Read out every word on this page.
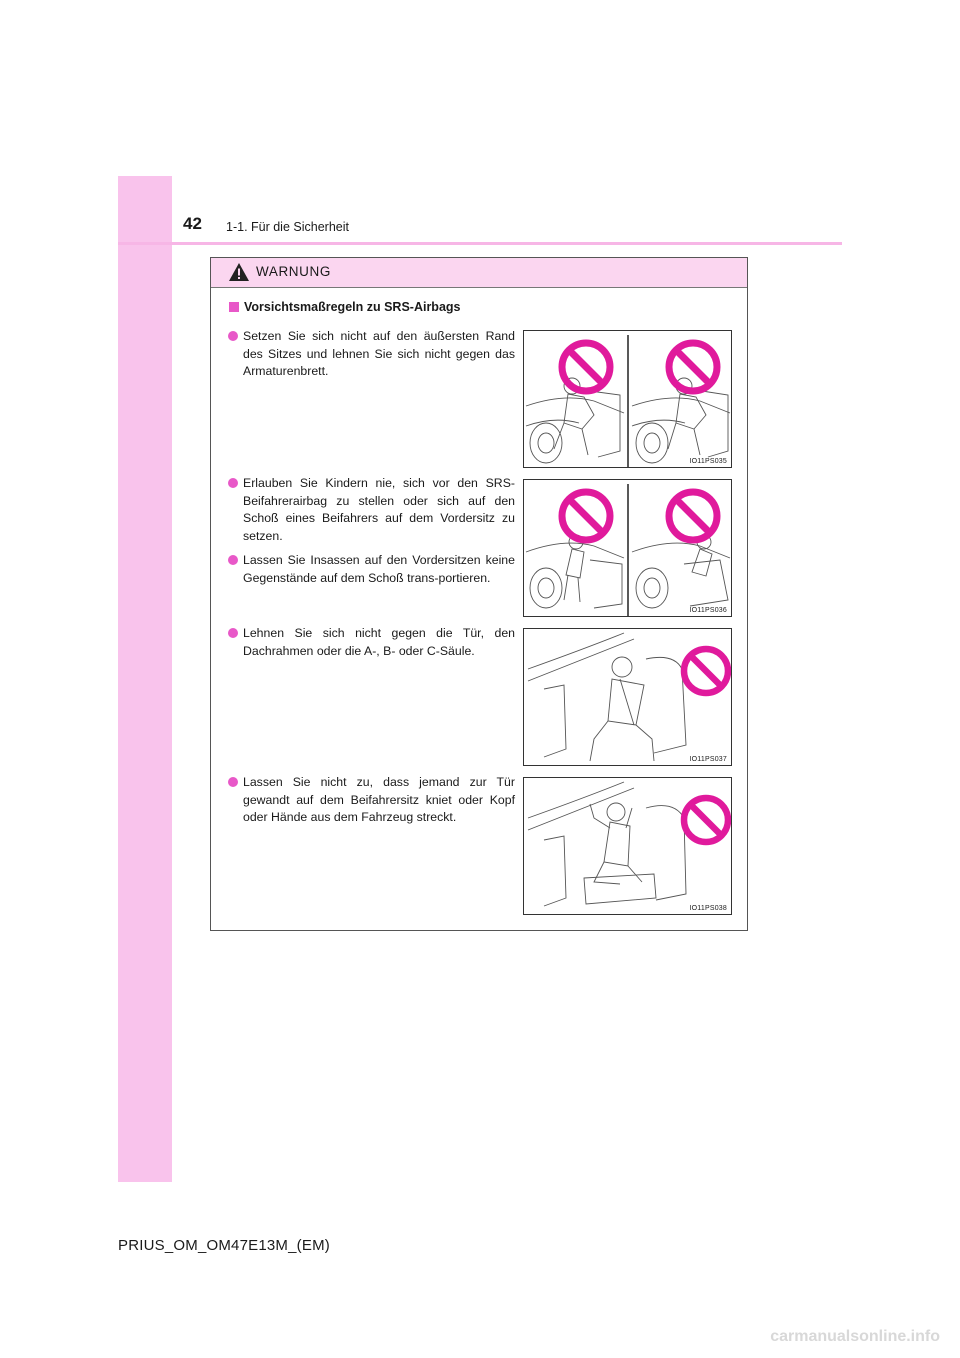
42 1-1. Für die Sicherheit
WARNUNG
Vorsichtsmaßregeln zu SRS-Airbags
Setzen Sie sich nicht auf den äußersten Rand des Sitzes und lehnen Sie sich nicht gegen das Armaturenbrett.
Erlauben Sie Kindern nie, sich vor den SRS-Beifahrerairbag zu stellen oder sich auf den Schoß eines Beifahrers auf dem Vordersitz zu setzen.
Lassen Sie Insassen auf den Vordersitzen keine Gegenstände auf dem Schoß trans-portieren.
Lehnen Sie sich nicht gegen die Tür, den Dachrahmen oder die A-, B- oder C-Säule.
Lassen Sie nicht zu, dass jemand zur Tür gewandt auf dem Beifahrersitz kniet oder Kopf oder Hände aus dem Fahrzeug streckt.
IO11PS035
IO11PS036
IO11PS037
IO11PS038
PRIUS_OM_OM47E13M_(EM)
carmanualsonline.info
